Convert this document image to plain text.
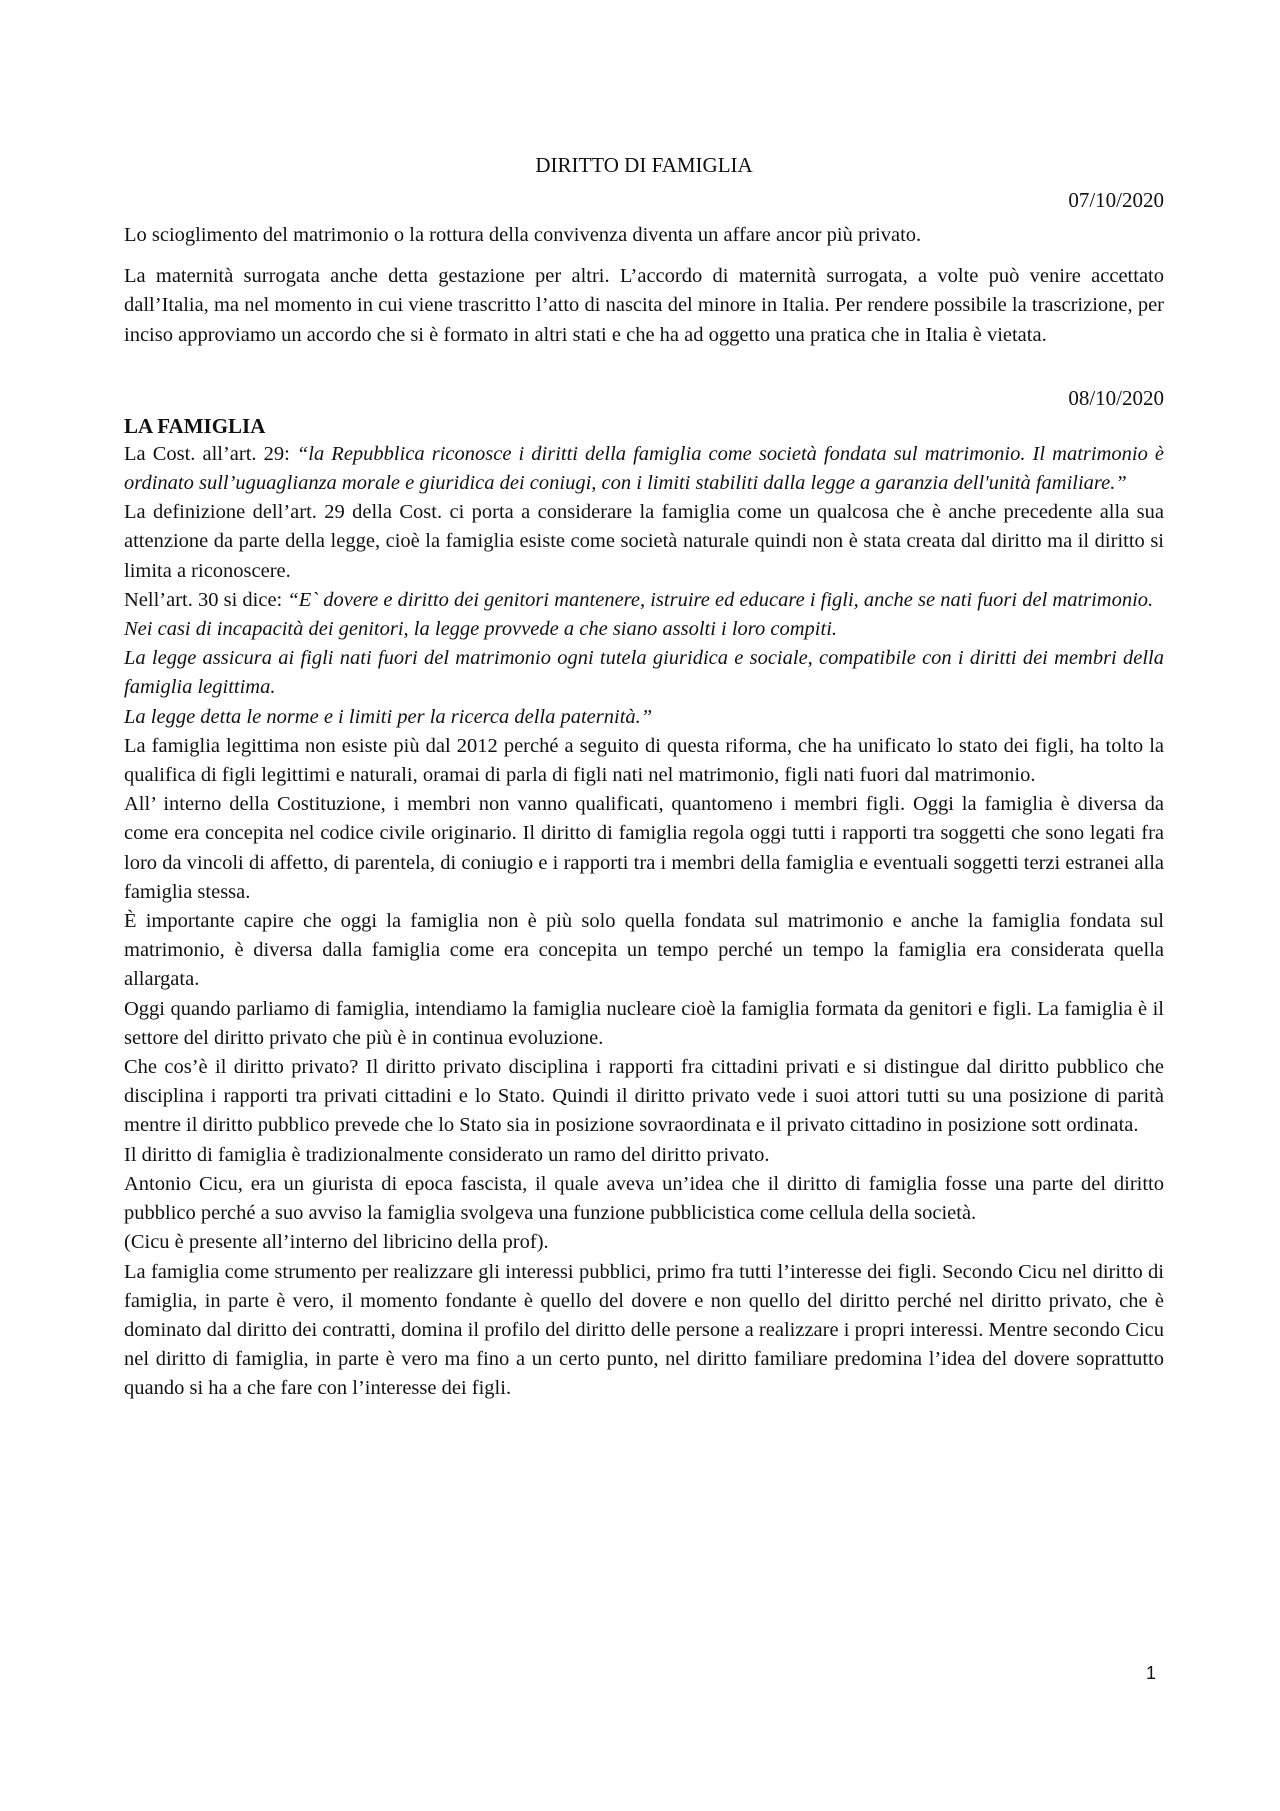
DIRITTO DI FAMIGLIA
07/10/2020

Lo scioglimento del matrimonio o la rottura della convivenza diventa un affare ancor più privato.

La maternità surrogata anche detta gestazione per altri. L’accordo di maternità surrogata, a volte può venire accettato dall’Italia, ma nel momento in cui viene trascritto l’atto di nascita del minore in Italia. Per rendere possibile la trascrizione, per inciso approviamo un accordo che si è formato in altri stati e che ha ad oggetto una pratica che in Italia è vietata.

08/10/2020
LA FAMIGLIA

La Cost. all’art. 29: “la Repubblica riconosce i diritti della famiglia come società fondata sul matrimonio. Il matrimonio è ordinato sull’uguaglianza morale e giuridica dei coniugi, con i limiti stabiliti dalla legge a garanzia dell'unità familiare.”

La definizione dell’art. 29 della Cost. ci porta a considerare la famiglia come un qualcosa che è anche precedente alla sua attenzione da parte della legge, cioè la famiglia esiste come società naturale quindi non è stata creata dal diritto ma il diritto si limita a riconoscere.

Nell’art. 30 si dice: “E` dovere e diritto dei genitori mantenere, istruire ed educare i figli, anche se nati fuori del matrimonio.

Nei casi di incapacità dei genitori, la legge provvede a che siano assolti i loro compiti.

La legge assicura ai figli nati fuori del matrimonio ogni tutela giuridica e sociale, compatibile con i diritti dei membri della famiglia legittima.

La legge detta le norme e i limiti per la ricerca della paternità.”

La famiglia legittima non esiste più dal 2012 perché a seguito di questa riforma, che ha unificato lo stato dei figli, ha tolto la qualifica di figli legittimi e naturali, oramai di parla di figli nati nel matrimonio, figli nati fuori dal matrimonio.

All’ interno della Costituzione, i membri non vanno qualificati, quantomeno i membri figli. Oggi la famiglia è diversa da come era concepita nel codice civile originario. Il diritto di famiglia regola oggi tutti i rapporti tra soggetti che sono legati fra loro da vincoli di affetto, di parentela, di coniugio e i rapporti tra i membri della famiglia e eventuali soggetti terzi estranei alla famiglia stessa.

È importante capire che oggi la famiglia non è più solo quella fondata sul matrimonio e anche la famiglia fondata sul matrimonio, è diversa dalla famiglia come era concepita un tempo perché un tempo la famiglia era considerata quella allargata.

Oggi quando parliamo di famiglia, intendiamo la famiglia nucleare cioè la famiglia formata da genitori e figli. La famiglia è il settore del diritto privato che più è in continua evoluzione.

Che cos’è il diritto privato? Il diritto privato disciplina i rapporti fra cittadini privati e si distingue dal diritto pubblico che disciplina i rapporti tra privati cittadini e lo Stato. Quindi il diritto privato vede i suoi attori tutti su una posizione di parità mentre il diritto pubblico prevede che lo Stato sia in posizione sovraordinata e il privato cittadino in posizione sott ordinata.

Il diritto di famiglia è tradizionalmente considerato un ramo del diritto privato.

Antonio Cicu, era un giurista di epoca fascista, il quale aveva un’idea che il diritto di famiglia fosse una parte del diritto pubblico perché a suo avviso la famiglia svolgeva una funzione pubblicistica come cellula della società.

(Cicu è presente all’interno del libricino della prof).

La famiglia come strumento per realizzare gli interessi pubblici, primo fra tutti l’interesse dei figli. Secondo Cicu nel diritto di famiglia, in parte è vero, il momento fondante è quello del dovere e non quello del diritto perché nel diritto privato, che è dominato dal diritto dei contratti, domina il profilo del diritto delle persone a realizzare i propri interessi. Mentre secondo Cicu nel diritto di famiglia, in parte è vero ma fino a un certo punto, nel diritto familiare predomina l’idea del dovere soprattutto quando si ha a che fare con l’interesse dei figli.

1
